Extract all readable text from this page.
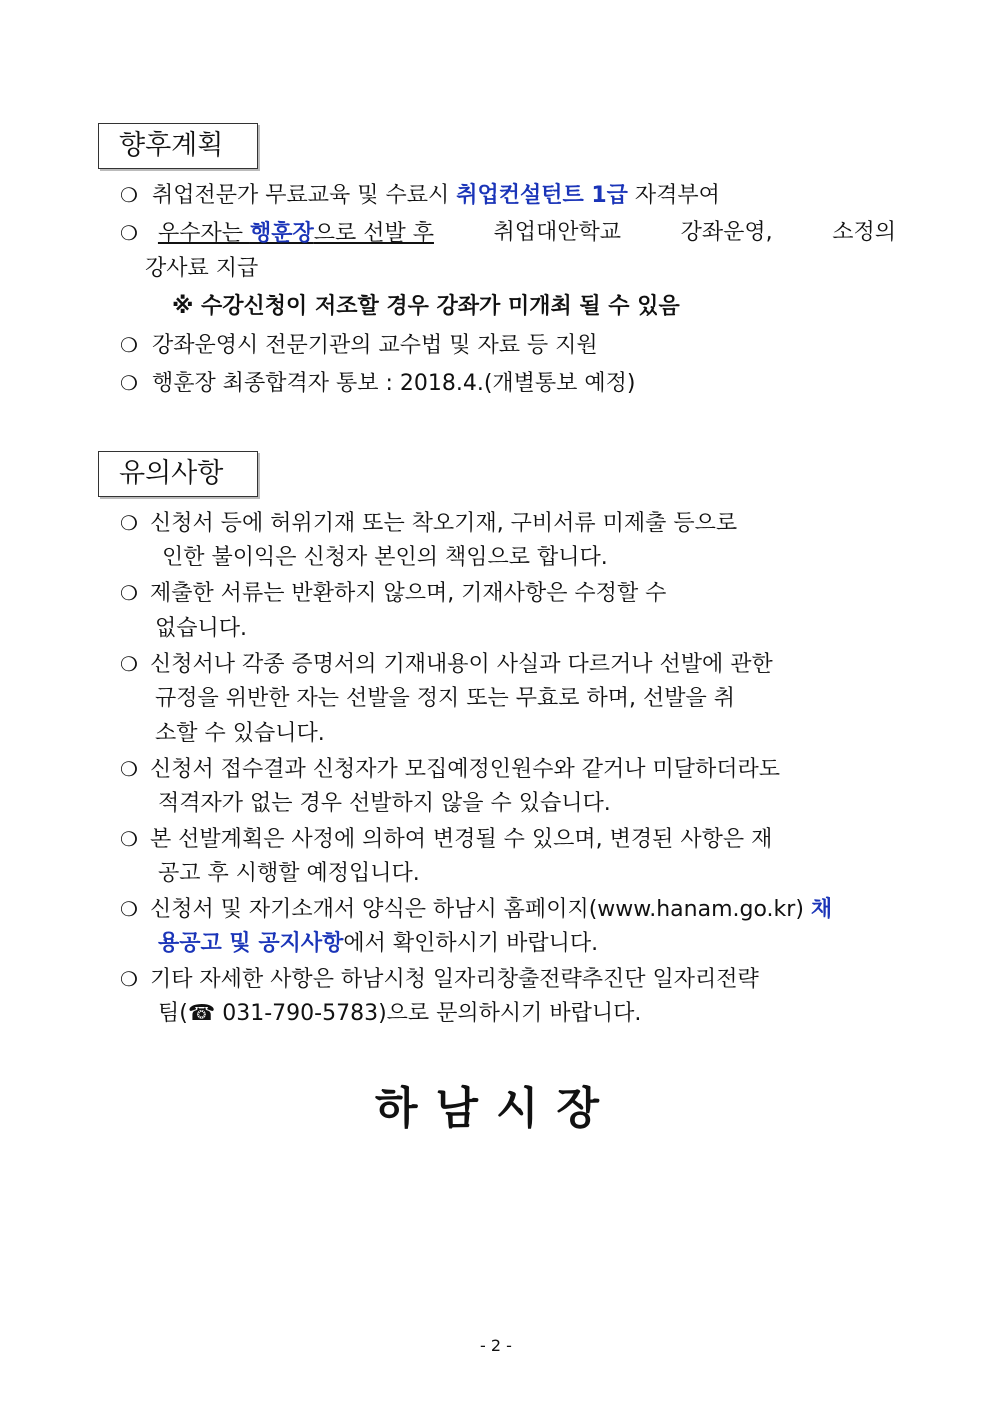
향후계획
❍ 취업전문가 무료교육 및 수료시 취업컨설턴트 1급 자격부여
❍ 우수자는 행훈장으로 선발 후	취업대안학교	강좌운영,	소정의
강사료 지급
※ 수강신청이 저조할 경우 강좌가 미개최 될 수 있음
❍ 강좌운영시 전문기관의 교수법 및 자료 등 지원
❍ 행훈장 최종합격자 통보 : 2018.4.(개별통보 예정)
유의사항
❍ 신청서 등에 허위기재 또는 착오기재, 구비서류 미제출 등으로
인한 불이익은 신청자 본인의 책임으로 합니다.
❍ 제출한 서류는 반환하지 않으며, 기재사항은 수정할 수
없습니다.
❍ 신청서나 각종 증명서의 기재내용이 사실과 다르거나 선발에 관한
규정을 위반한 자는 선발을 정지 또는 무효로 하며, 선발을 취
소할 수 있습니다.
❍ 신청서 접수결과 신청자가 모집예정인원수와 같거나 미달하더라도
적격자가 없는 경우 선발하지 않을 수 있습니다.
❍ 본 선발계획은 사정에 의하여 변경될 수 있으며, 변경된 사항은 재
공고 후 시행할 예정입니다.
❍ 신청서 및 자기소개서 양식은 하남시 홈페이지(www.hanam.go.kr) 채
용공고 및 공지사항에서 확인하시기 바랍니다.
❍ 기타 자세한 사항은 하남시청 일자리창출전략추진단 일자리전략
팀(☎ 031-790-5783)으로 문의하시기 바랍니다.
하남시장
- 2 -
